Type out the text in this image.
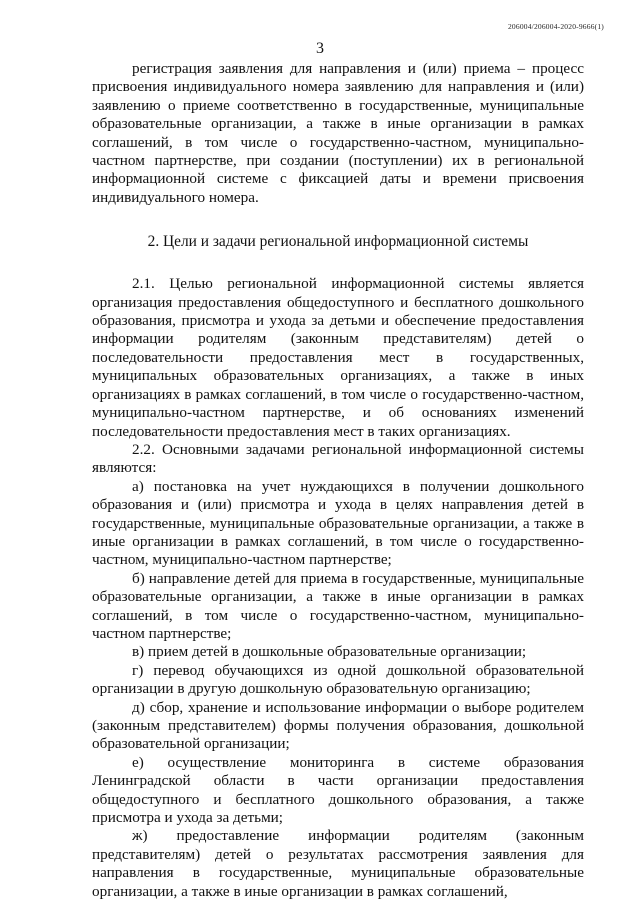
206004/206004-2020-9666(1)
3

регистрация заявления для направления и (или) приема – процесс присвоения индивидуального номера заявлению для направления и (или) заявлению о приеме соответственно в государственные, муниципальные образовательные организации, а также в иные организации в рамках соглашений, в том числе о государственно-частном, муниципально-частном партнерстве, при создании (поступлении) их в региональной информационной системе с фиксацией даты и времени присвоения индивидуального номера.

2. Цели и задачи региональной информационной системы

2.1. Целью региональной информационной системы является организация предоставления общедоступного и бесплатного дошкольного образования, присмотра и ухода за детьми и обеспечение предоставления информации родителям (законным представителям) детей о последовательности предоставления мест в государственных, муниципальных образовательных организациях, а также в иных организациях в рамках соглашений, в том числе о государственно-частном, муниципально-частном партнерстве, и об основаниях изменений последовательности предоставления мест в таких организациях.

2.2. Основными задачами региональной информационной системы являются:

а) постановка на учет нуждающихся в получении дошкольного образования и (или) присмотра и ухода в целях направления детей в государственные, муниципальные образовательные организации, а также в иные организации в рамках соглашений, в том числе о государственно-частном, муниципально-частном партнерстве;

б) направление детей для приема в государственные, муниципальные образовательные организации, а также в иные организации в рамках соглашений, в том числе о государственно-частном, муниципально-частном партнерстве;

в) прием детей в дошкольные образовательные организации;

г) перевод обучающихся из одной дошкольной образовательной организации в другую дошкольную образовательную организацию;

д) сбор, хранение и использование информации о выборе родителем (законным представителем) формы получения образования, дошкольной образовательной организации;

е) осуществление мониторинга в системе образования Ленинградской области в части организации предоставления общедоступного и бесплатного дошкольного образования, а также присмотра и ухода за детьми;

ж) предоставление информации родителям (законным представителям) детей о результатах рассмотрения заявления для направления в государственные, муниципальные образовательные организации, а также в иные организации в рамках соглашений,
